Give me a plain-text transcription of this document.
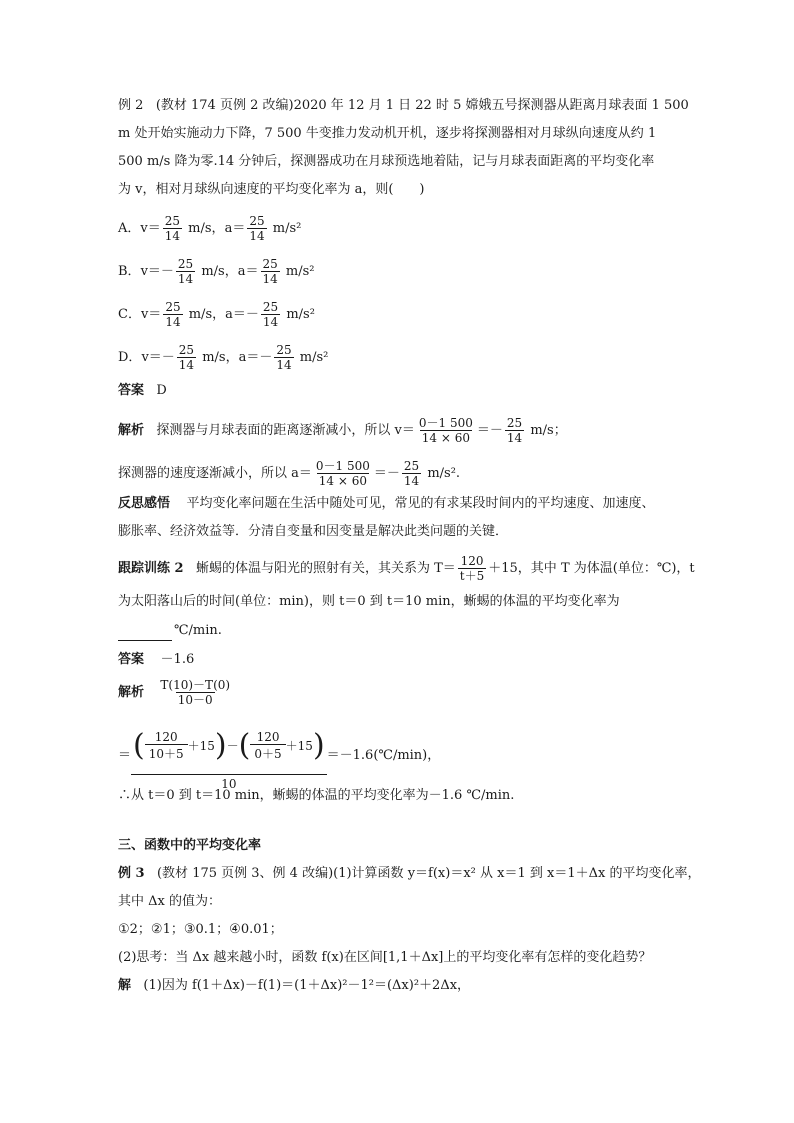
例 2 (教材 174 页例 2 改编)2020 年 12 月 1 日 22 时 5 嫦娥五号探测器从距离月球表面 1 500
m 处开始实施动力下降，7 500 牛变推力发动机开机，逐步将探测器相对月球纵向速度从约 1
500 m/s 降为零.14 分钟后，探测器成功在月球预选地着陆，记与月球表面距离的平均变化率
为 v，相对月球纵向速度的平均变化率为 a，则(　　)
A．$v= \frac{25}{14} m/s$，$a= \frac{25}{14} m/s^2$
B．$v=- \frac{25}{14} m/s$，$a= \frac{25}{14} m/s^2$
C．$v= \frac{25}{14} m/s$，$a=- \frac{25}{14} m/s^2$
D．$v=- \frac{25}{14} m/s$，$a=- \frac{25}{14} m/s^2$
答案 D
解析 探测器与月球表面的距离逐渐减小，所以 $v= \frac{0-1 500}{14 \times 60} =- \frac{25}{14} m/s$；
探测器的速度逐渐减小，所以 $a= \frac{0-1 500}{14 \times 60} =- \frac{25}{14} m/s^2$.
反思感悟 平均变化率问题在生活中随处可见，常见的有求某段时间内的平均速度、加速度、
膨胀率、经济效益等．分清自变量和因变量是解决此类问题的关键．
跟踪训练 2 蜥蜴的体温与阳光的照射有关，其关系为 $T= \frac{120}{t+5} +15$，其中 T 为体温(单位：℃)，t
为太阳落山后的时间(单位：min)，则 t＝0 到 t＝10 min，蜥蜴的体温的平均变化率为
℃/min.
答案 －1.6
解析 $\frac{T(10)-T(0)}{10-0}$
＝ $\frac{( \frac{120}{10+5} +15 ) - ( \frac{120}{0+5} +15 )}{10}$ ＝－1.6(℃/min)，
∴从 t＝0 到 t＝10 min，蜥蜴的体温的平均变化率为－1.6 ℃/min.
三、函数中的平均变化率
例 3 (教材 175 页例 3、例 4 改编)(1)计算函数 y＝f(x)＝x² 从 x＝1 到 x＝1＋Δx 的平均变化率，
其中 Δx 的值为：
①2；②1；③0.1；④0.01；
(2)思考：当 Δx 越来越小时，函数 f(x)在区间[1,1＋Δx]上的平均变化率有怎样的变化趋势？
解 (1)因为 f(1＋Δx)－f(1)＝(1＋Δx)²－1²＝(Δx)²＋2Δx，
